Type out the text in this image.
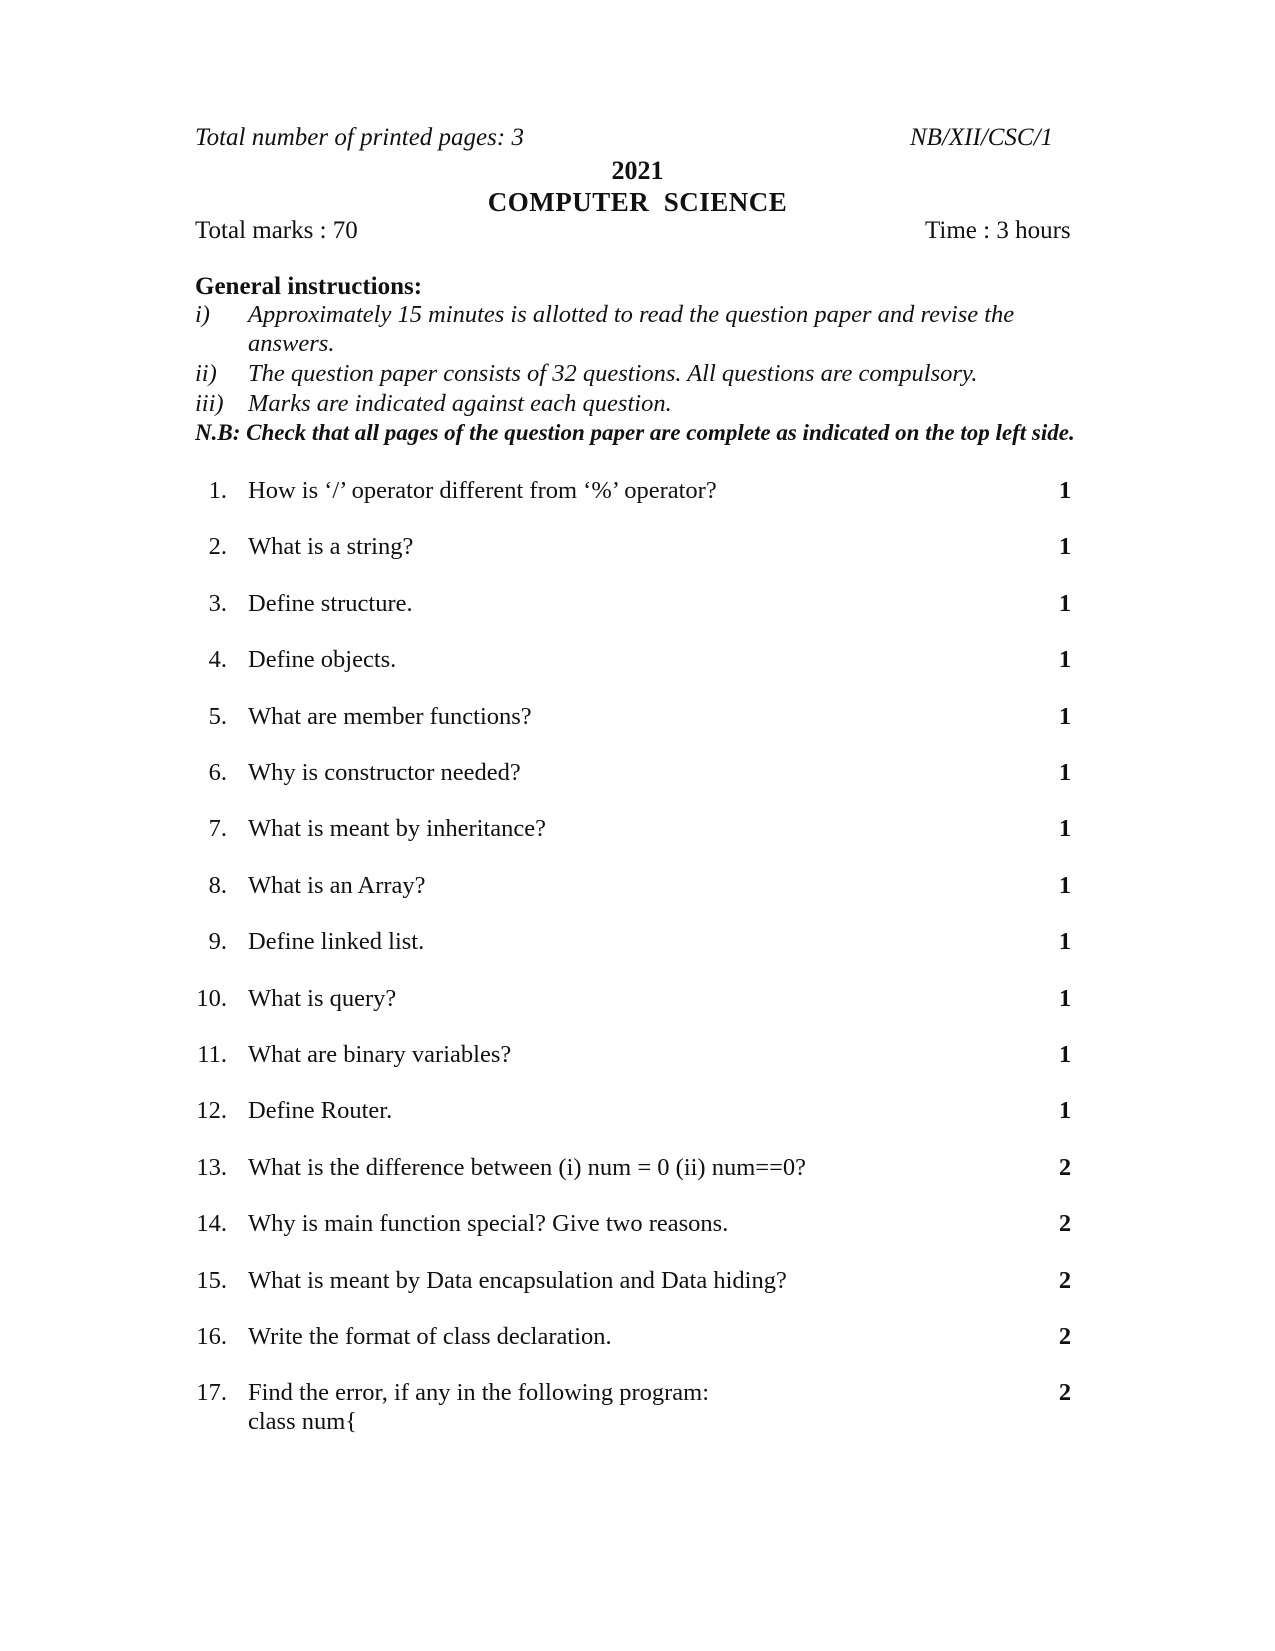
Total number of printed pages: 3	NB/XII/CSC/1
2021
COMPUTER  SCIENCE
Total marks : 70	Time : 3 hours
General instructions:
i) Approximately 15 minutes is allotted to read the question paper and revise the
answers.
ii) The question paper consists of 32 questions. All questions are compulsory.
iii) Marks are indicated against each question.
N.B: Check that all pages of the question paper are complete as indicated on the top left side.
1. How is ‘/’ operator different from ‘%’ operator?	1
2. What is a string?	1
3. Define structure.	1
4. Define objects.	1
5. What are member functions?	1
6. Why is constructor needed?	1
7. What is meant by inheritance?	1
8. What is an Array?	1
9. Define linked list.	1
10. What is query?	1
11. What are binary variables?	1
12. Define Router.	1
13. What is the difference between (i) num = 0 (ii) num==0?	2
14. Why is main function special? Give two reasons.	2
15. What is meant by Data encapsulation and Data hiding?	2
16. Write the format of class declaration.	2
17. Find the error, if any in the following program:	2
class num{
